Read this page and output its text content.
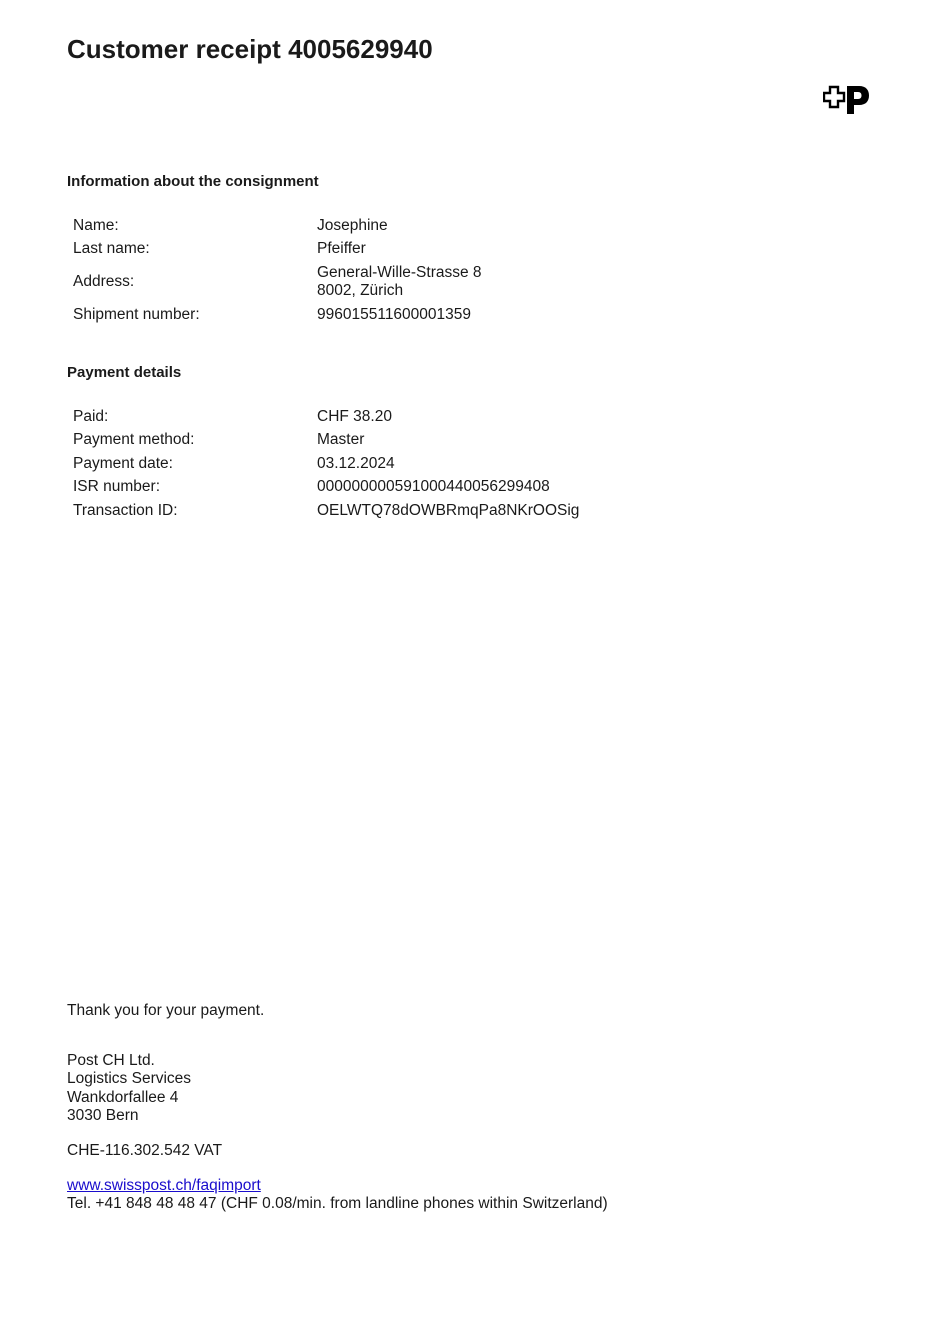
Customer receipt 4005629940
Information about the consignment
Name:	Josephine
Last name:	Pfeiffer
Address:
General-Wille-Strasse 8
8002, Zürich
Shipment number:	996015511600001359
Payment details
Paid:	CHF 38.20
Payment method:	Master
Payment date:	03.12.2024
ISR number:	000000000591000440056299408
Transaction ID:	OELWTQ78dOWBRmqPa8NKrOOSig
Thank you for your payment.
Post CH Ltd.
Logistics Services
Wankdorfallee 4
3030 Bern
CHE-116.302.542 VAT
www.swisspost.ch/faqimport
Tel. +41 848 48 48 47 (CHF 0.08/min. from landline phones within Switzerland)
